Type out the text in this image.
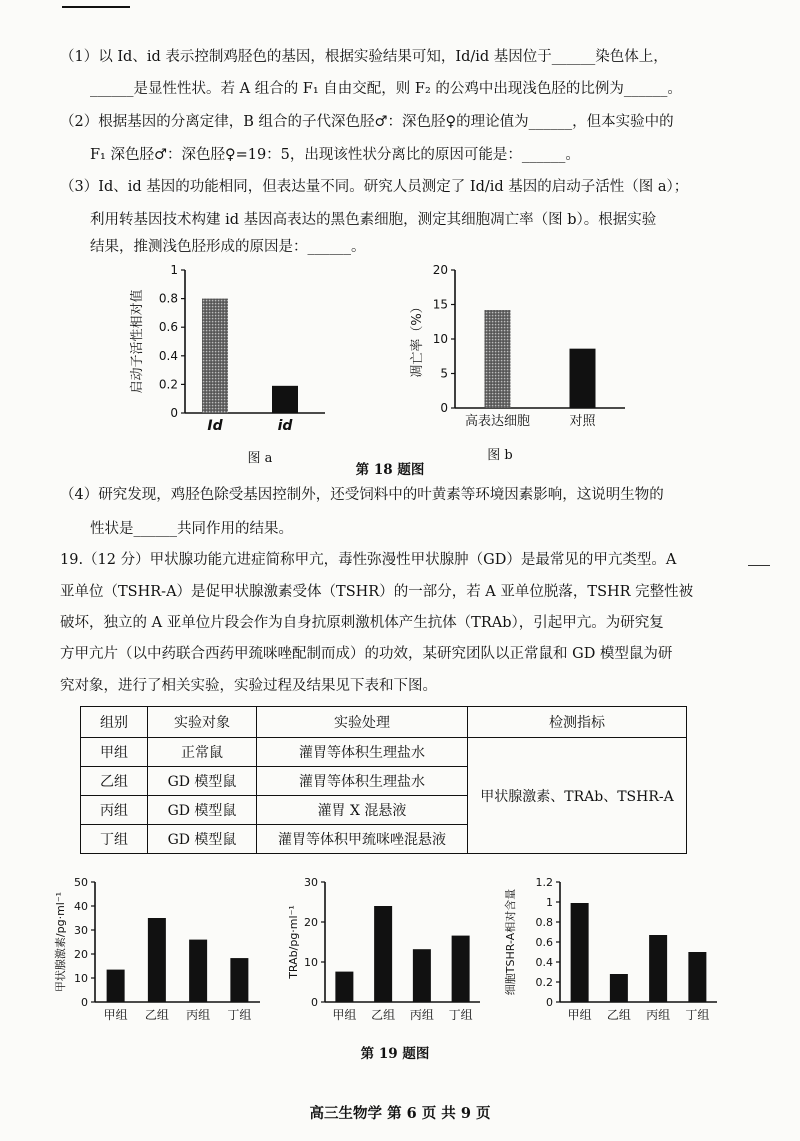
（1）以 Id、id 表示控制鸡胫色的基因，根据实验结果可知，Id/id 基因位于______染色体上，
______是显性性状。若 A 组合的 F₁ 自由交配，则 F₂ 的公鸡中出现浅色胫的比例为______。
（2）根据基因的分离定律，B 组合的子代深色胫♂：深色胫♀的理论值为______，但本实验中的
F₁ 深色胫♂：深色胫♀=19：5，出现该性状分离比的原因可能是：______。
（3）Id、id 基因的功能相同，但表达量不同。研究人员测定了 Id/id 基因的启动子活性（图 a）；
利用转基因技术构建 id 基因高表达的黑色素细胞，测定其细胞凋亡率（图 b）。根据实验
结果，推测浅色胫形成的原因是：______。
0
0.2
0.4
0.6
0.8
1
启动子活性相对值
Id	id
0
5
10
15
20
凋亡率（%）
高表达细胞	对照
图 a
第 18 题图
图 b
（4）研究发现，鸡胫色除受基因控制外，还受饲料中的叶黄素等环境因素影响，这说明生物的
性状是______共同作用的结果。
19.（12 分）甲状腺功能亢进症简称甲亢，毒性弥漫性甲状腺肿（GD）是最常见的甲亢类型。A
亚单位（TSHR-A）是促甲状腺激素受体（TSHR）的一部分，若 A 亚单位脱落，TSHR 完整性被
破坏，独立的 A 亚单位片段会作为自身抗原刺激机体产生抗体（TRAb），引起甲亢。为研究复
方甲亢片（以中药联合西药甲巯咪唑配制而成）的功效，某研究团队以正常鼠和 GD 模型鼠为研
究对象，进行了相关实验，实验过程及结果见下表和下图。
组别	实验对象	实验处理	检测指标
甲组	正常鼠	灌胃等体积生理盐水	甲状腺激素、TRAb、TSHR-A
乙组	GD 模型鼠	灌胃等体积生理盐水	
丙组	GD 模型鼠	灌胃 X 混悬液	
丁组	GD 模型鼠	灌胃等体积甲巯咪唑混悬液	
0
10
20
30
40
50
甲状腺激素/pg·ml⁻¹
甲组 乙组 丙组 丁组
0
10
20
30
TRAb/pg·ml⁻¹
甲组 乙组 丙组 丁组
0
0.2
0.4
0.6
0.8
1
1.2
细胞TSHR-A相对含量
甲组 乙组 丙组 丁组
第 19 题图
高三生物学 第 6 页 共 9 页
